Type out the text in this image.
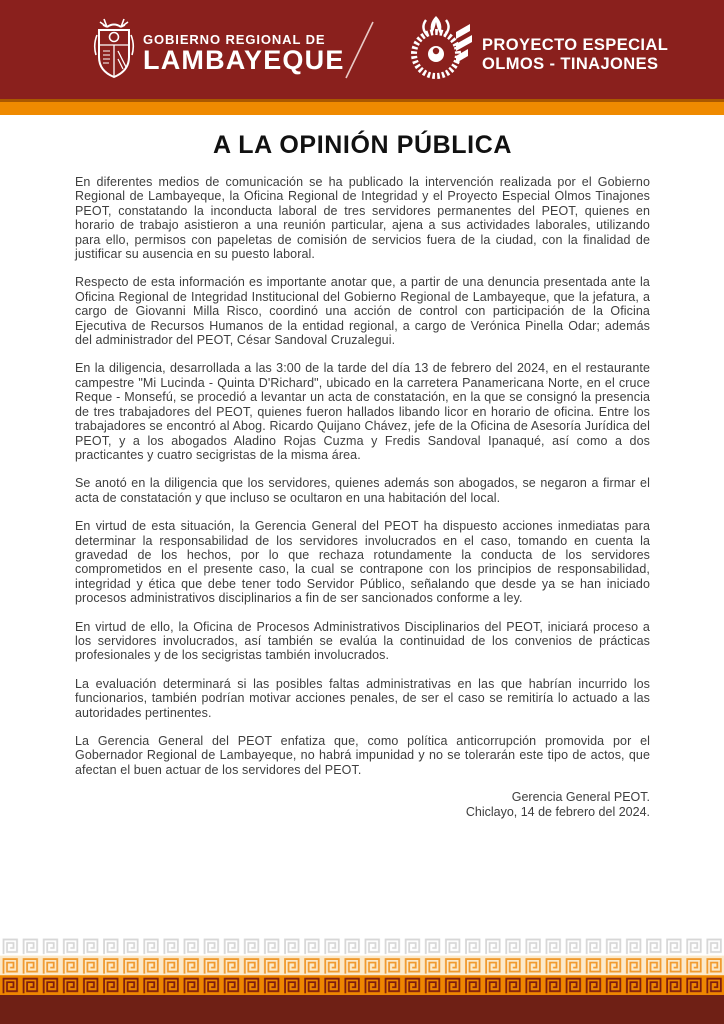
GOBIERNO REGIONAL DE
LAMBAYEQUE	PROYECTO ESPECIAL
OLMOS - TINAJONES
A LA OPINIÓN PÚBLICA

En diferentes medios de comunicación se ha publicado la intervención realizada por el Gobierno Regional de Lambayeque, la Oficina Regional de Integridad y el Proyecto Especial Olmos Tinajones PEOT, constatando la inconducta laboral de tres servidores permanentes del PEOT, quienes en horario de trabajo asistieron a una reunión particular, ajena a sus actividades laborales, utilizando para ello, permisos con papeletas de comisión de servicios fuera de la ciudad, con la finalidad de justificar su ausencia en su puesto laboral.

Respecto de esta información es importante anotar que, a partir de una denuncia presentada ante la Oficina Regional de Integridad Institucional del Gobierno Regional de Lambayeque, que la jefatura, a cargo de Giovanni Milla Risco, coordinó una acción de control con participación de la Oficina Ejecutiva de Recursos Humanos de la entidad regional, a cargo de Verónica Pinella Odar; además del administrador del PEOT, César Sandoval Cruzalegui.

En la diligencia, desarrollada a las 3:00 de la tarde del día 13 de febrero del 2024, en el restaurante campestre "Mi Lucinda - Quinta D'Richard", ubicado en la carretera Panamericana Norte, en el cruce Reque - Monsefú, se procedió a levantar un acta de constatación, en la que se consignó la presencia de tres trabajadores del PEOT, quienes fueron hallados libando licor en horario de oficina. Entre los trabajadores se encontró al Abog. Ricardo Quijano Chávez, jefe de la Oficina de Asesoría Jurídica del PEOT, y a los abogados Aladino Rojas Cuzma y Fredis Sandoval Ipanaqué, así como a dos practicantes y cuatro secigristas de la misma área.

Se anotó en la diligencia que los servidores, quienes además son abogados, se negaron a firmar el acta de constatación y que incluso se ocultaron en una habitación del local.

En virtud de esta situación, la Gerencia General del PEOT ha dispuesto acciones inmediatas para determinar la responsabilidad de los servidores involucrados en el caso, tomando en cuenta la gravedad de los hechos, por lo que rechaza rotundamente la conducta de los servidores comprometidos en el presente caso, la cual se contrapone con los principios de responsabilidad, integridad y ética que debe tener todo Servidor Público, señalando que desde ya se han iniciado procesos administrativos disciplinarios a fin de ser sancionados conforme a ley.

En virtud de ello, la Oficina de Procesos Administrativos Disciplinarios del PEOT, iniciará proceso a los servidores involucrados, así también se evalúa la continuidad de los convenios de prácticas profesionales y de los secigristas también involucrados.

La evaluación determinará si las posibles faltas administrativas en las que habrían incurrido los funcionarios, también podrían motivar acciones penales, de ser el caso se remitiría lo actuado a las autoridades pertinentes.

La Gerencia General del PEOT enfatiza que, como política anticorrupción promovida por el Gobernador Regional de Lambayeque, no habrá impunidad y no se tolerarán este tipo de actos, que afectan el buen actuar de los servidores del PEOT.

Gerencia General PEOT.
Chiclayo, 14 de febrero del 2024.
